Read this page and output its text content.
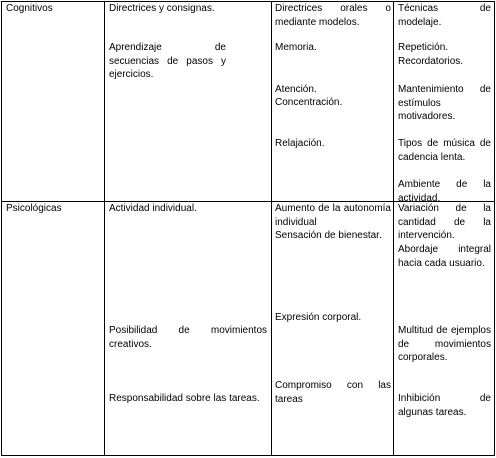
Cognitivos	Directrices y consignas.

Aprendizaje de secuencias de pasos y ejercicios.

Directrices orales o mediante modelos.

Memoria.

Atención.

Concentración.

Relajación.

Técnicas de modelaje.

Repetición.

Recordatorios.

Mantenimiento de estímulos motivadores.

Tipos de música de cadencia lenta.

Ambiente de la actividad.

Psicológicas	Actividad individual.

Posibilidad de movimientos creativos.

Responsabilidad sobre las tareas.

Aumento de la autonomía individual

Sensación de bienestar.

Expresión corporal.

Compromiso con las tareas

Variación de la cantidad de la intervención.

Abordaje integral hacia cada usuario.

Multitud de ejemplos de movimientos corporales.

Inhibición de algunas tareas.
